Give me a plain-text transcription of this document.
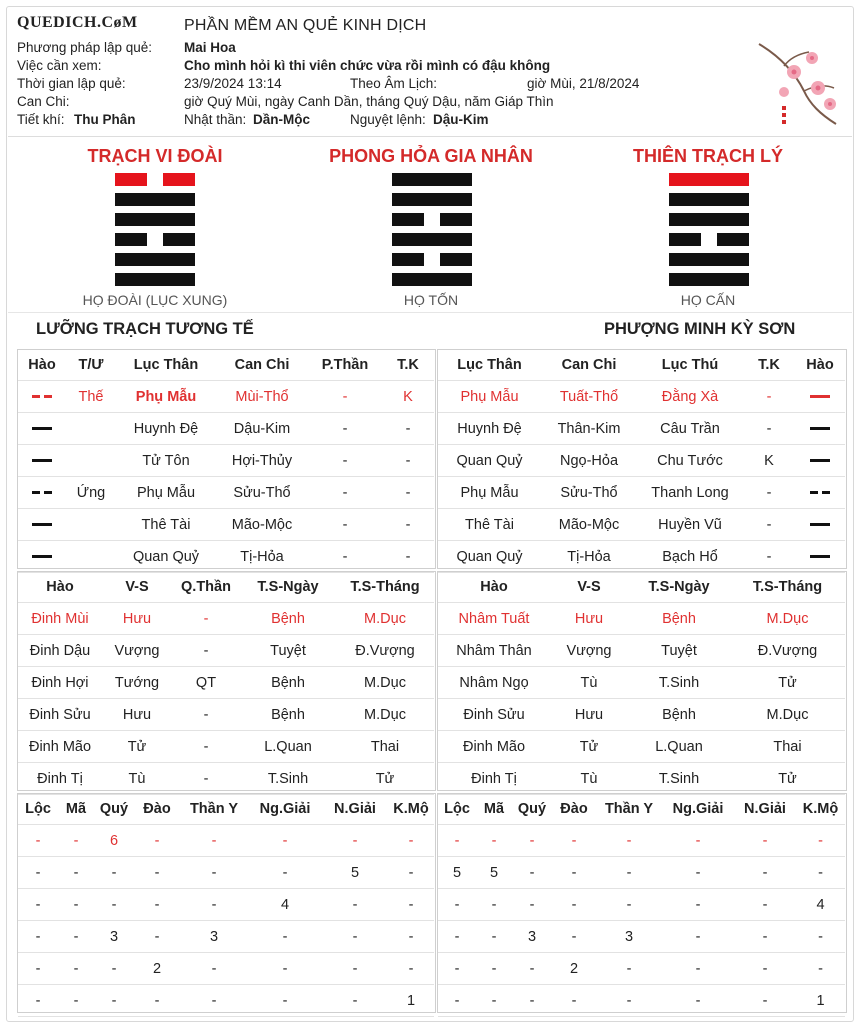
QUEDICH.CøM	PHẦN MỀM AN QUẺ KINH DỊCH
Phương pháp lập quẻ: Mai Hoa
Việc cần xem:	Cho mình hỏi kì thi viên chức vừa rồi mình có đậu không
Thời gian lập quẻ:	23/9/2024 13:14	Theo Âm Lịch:	giờ Mùi, 21/8/2024
Can Chi:	giờ Quý Mùi, ngày Canh Dần, tháng Quý Dậu, năm Giáp Thìn
Tiết khí: Thu Phân	Nhật thần: Dần-Mộc	Nguyệt lệnh: Dậu-Kim
TRẠCH VI ĐOÀI	PHONG HỎA GIA NHÂN	THIÊN TRẠCH LÝ
HỌ ĐOÀI (LỤC XUNG)	HỌ TỐN	HỌ CẤN
LƯỠNG TRẠCH TƯƠNG TẾ	PHƯỢNG MINH KỲ SƠN
Hào	T/Ư	Lục Thân	Can Chi	P.Thần	T.K
	Thế	Phụ Mẫu	Mùi-Thổ	-	K
		Huynh Đệ	Dậu-Kim	-	-
		Tử Tôn	Hợi-Thủy	-	-
	Ứng	Phụ Mẫu	Sửu-Thổ	-	-
		Thê Tài	Mão-Mộc	-	-
		Quan Quỷ	Tị-Hỏa	-	-
Lục Thân	Can Chi	Lục Thú	T.K	Hào
Phụ Mẫu	Tuất-Thổ	Đằng Xà	-	
Huynh Đệ	Thân-Kim	Câu Trần	-	
Quan Quỷ	Ngọ-Hỏa	Chu Tước	K	
Phụ Mẫu	Sửu-Thổ	Thanh Long	-	
Thê Tài	Mão-Mộc	Huyền Vũ	-	
Quan Quỷ	Tị-Hỏa	Bạch Hổ	-	
Hào	V-S	Q.Thần	T.S-Ngày	T.S-Tháng
Đinh Mùi	Hưu	-	Bệnh	M.Dục
Đinh Dậu	Vượng	-	Tuyệt	Đ.Vượng
Đinh Hợi	Tướng	QT	Bệnh	M.Dục
Đinh Sửu	Hưu	-	Bệnh	M.Dục
Đinh Mão	Tử	-	L.Quan	Thai
Đinh Tị	Tù	-	T.Sinh	Tử
Hào	V-S	T.S-Ngày	T.S-Tháng
Nhâm Tuất	Hưu	Bệnh	M.Dục
Nhâm Thân	Vượng	Tuyệt	Đ.Vượng
Nhâm Ngọ	Tù	T.Sinh	Tử
Đinh Sửu	Hưu	Bệnh	M.Dục
Đinh Mão	Tử	L.Quan	Thai
Đinh Tị	Tù	T.Sinh	Tử
Lộc	Mã	Quý	Đào	Thần Y	Ng.Giải	N.Giải	K.Mộ
-	-	6	-	-	-	-	-
-	-	-	-	-	-	5	-
-	-	-	-	-	4	-	-
-	-	3	-	3	-	-	-
-	-	-	2	-	-	-	-
-	-	-	-	-	-	-	1
Lộc	Mã	Quý	Đào	Thần Y	Ng.Giải	N.Giải	K.Mộ
-	-	-	-	-	-	-	-
5	5	-	-	-	-	-	-
-	-	-	-	-	-	-	4
-	-	3	-	3	-	-	-
-	-	-	2	-	-	-	-
-	-	-	-	-	-	-	1
